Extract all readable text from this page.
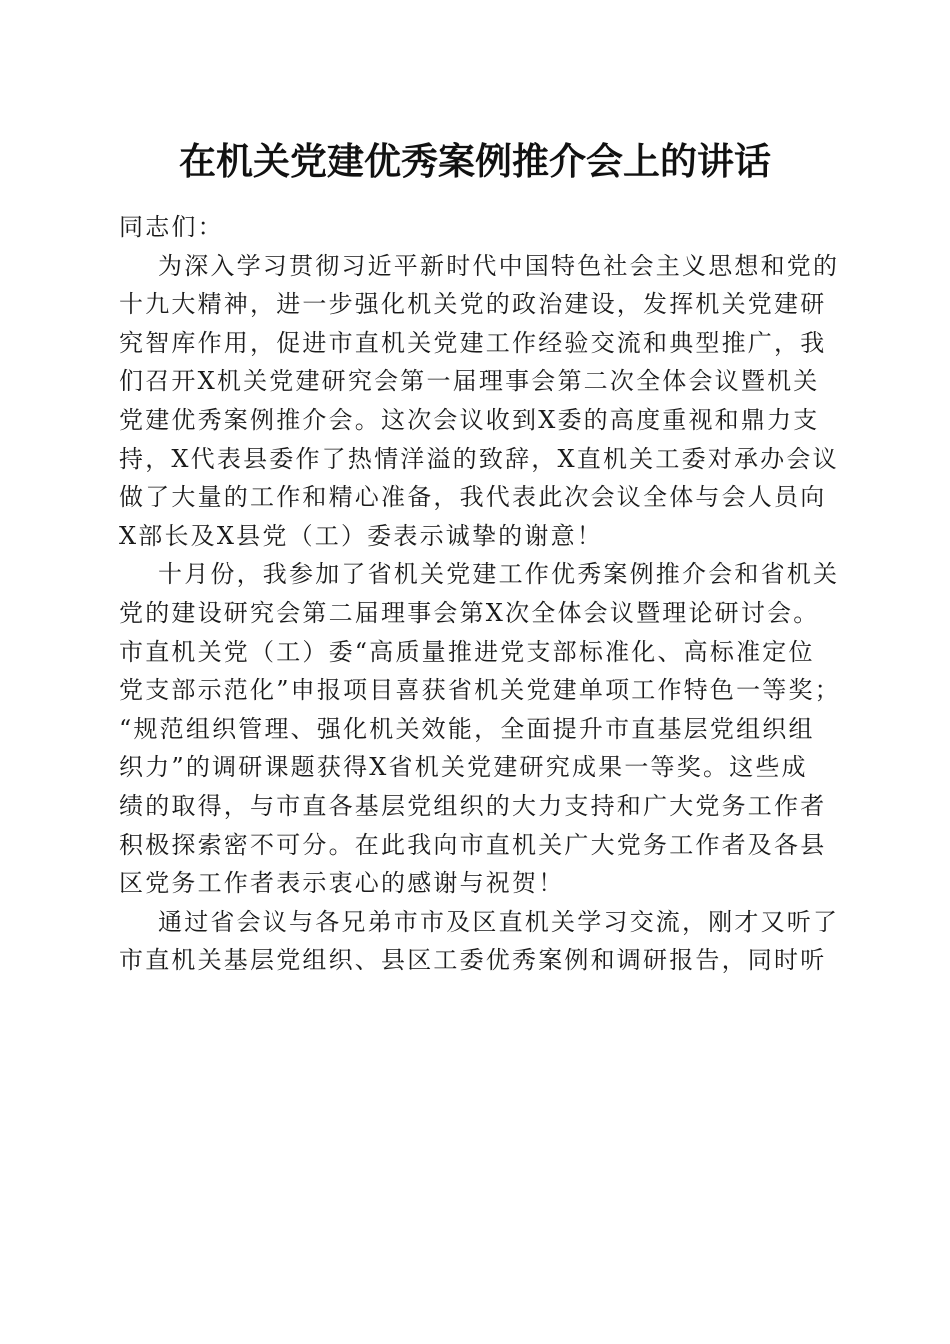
在机关党建优秀案例推介会上的讲话
同志们：
为深入学习贯彻习近平新时代中国特色社会主义思想和党的
十九大精神，进一步强化机关党的政治建设，发挥机关党建研
究智库作用，促进市直机关党建工作经验交流和典型推广，我
们召开X机关党建研究会第一届理事会第二次全体会议暨机关
党建优秀案例推介会。这次会议收到X委的高度重视和鼎力支
持，X代表县委作了热情洋溢的致辞，X直机关工委对承办会议
做了大量的工作和精心准备，我代表此次会议全体与会人员向
X部长及X县党（工）委表示诚挚的谢意！
十月份，我参加了省机关党建工作优秀案例推介会和省机关
党的建设研究会第二届理事会第X次全体会议暨理论研讨会。
市直机关党（工）委“高质量推进党支部标准化、高标准定位
党支部示范化”申报项目喜获省机关党建单项工作特色一等奖；
“规范组织管理、强化机关效能，全面提升市直基层党组织组
织力”的调研课题获得X省机关党建研究成果一等奖。这些成
绩的取得，与市直各基层党组织的大力支持和广大党务工作者
积极探索密不可分。在此我向市直机关广大党务工作者及各县
区党务工作者表示衷心的感谢与祝贺！
通过省会议与各兄弟市市及区直机关学习交流，刚才又听了
市直机关基层党组织、县区工委优秀案例和调研报告，同时听
